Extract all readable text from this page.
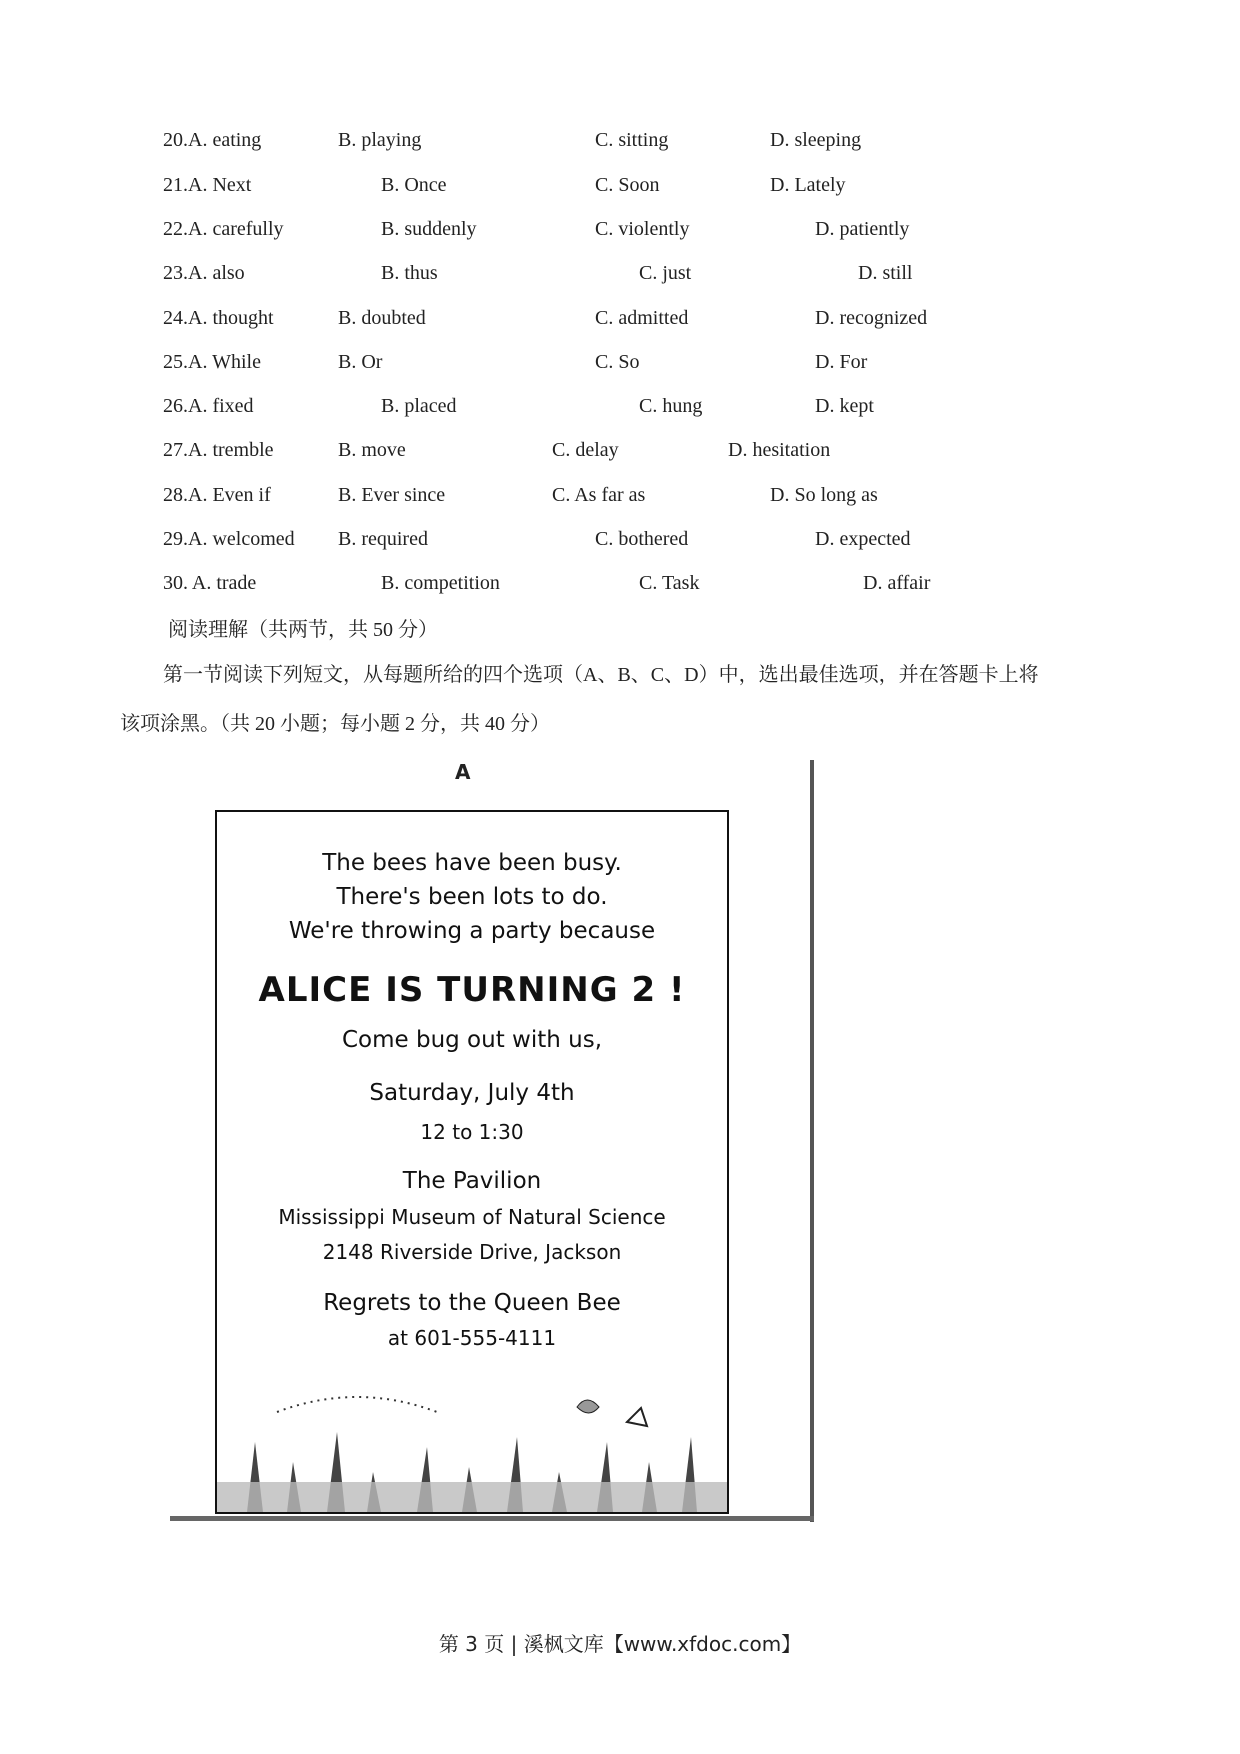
20.A. eating	B. playing	C. sitting	D. sleeping
21.A. Next	B. Once	C. Soon	D. Lately
22.A. carefully	B. suddenly	C. violently	D. patiently
23.A. also	B. thus	C. just	D. still
24.A. thought	B. doubted	C. admitted	D. recognized
25.A. While	B. Or	C. So	D. For
26.A. fixed	B. placed	C. hung	D. kept
27.A. tremble	B. move	C. delay	D. hesitation
28.A. Even if	B. Ever since	C. As far as	D. So long as
29.A. welcomed B. required	C. bothered	D. expected
30. A. trade	B. competition	C. Task	D. affair
阅读理解（共两节，共 50 分）
第一节阅读下列短文，从每题所给的四个选项（A、B、C、D）中，选出最佳选项，并在答题卡上将
该项涂黑。（共 20 小题；每小题 2 分，共 40 分）
A
The bees have been busy.
There's been lots to do.
We're throwing a party because
ALICE IS TURNING 2 !
Come bug out with us,
Saturday, July 4th
12 to 1:30
The Pavilion
Mississippi Museum of Natural Science
2148 Riverside Drive, Jackson
Regrets to the Queen Bee
at 601-555-4111
第 3 页 | 溪枫文库【www.xfdoc.com】
